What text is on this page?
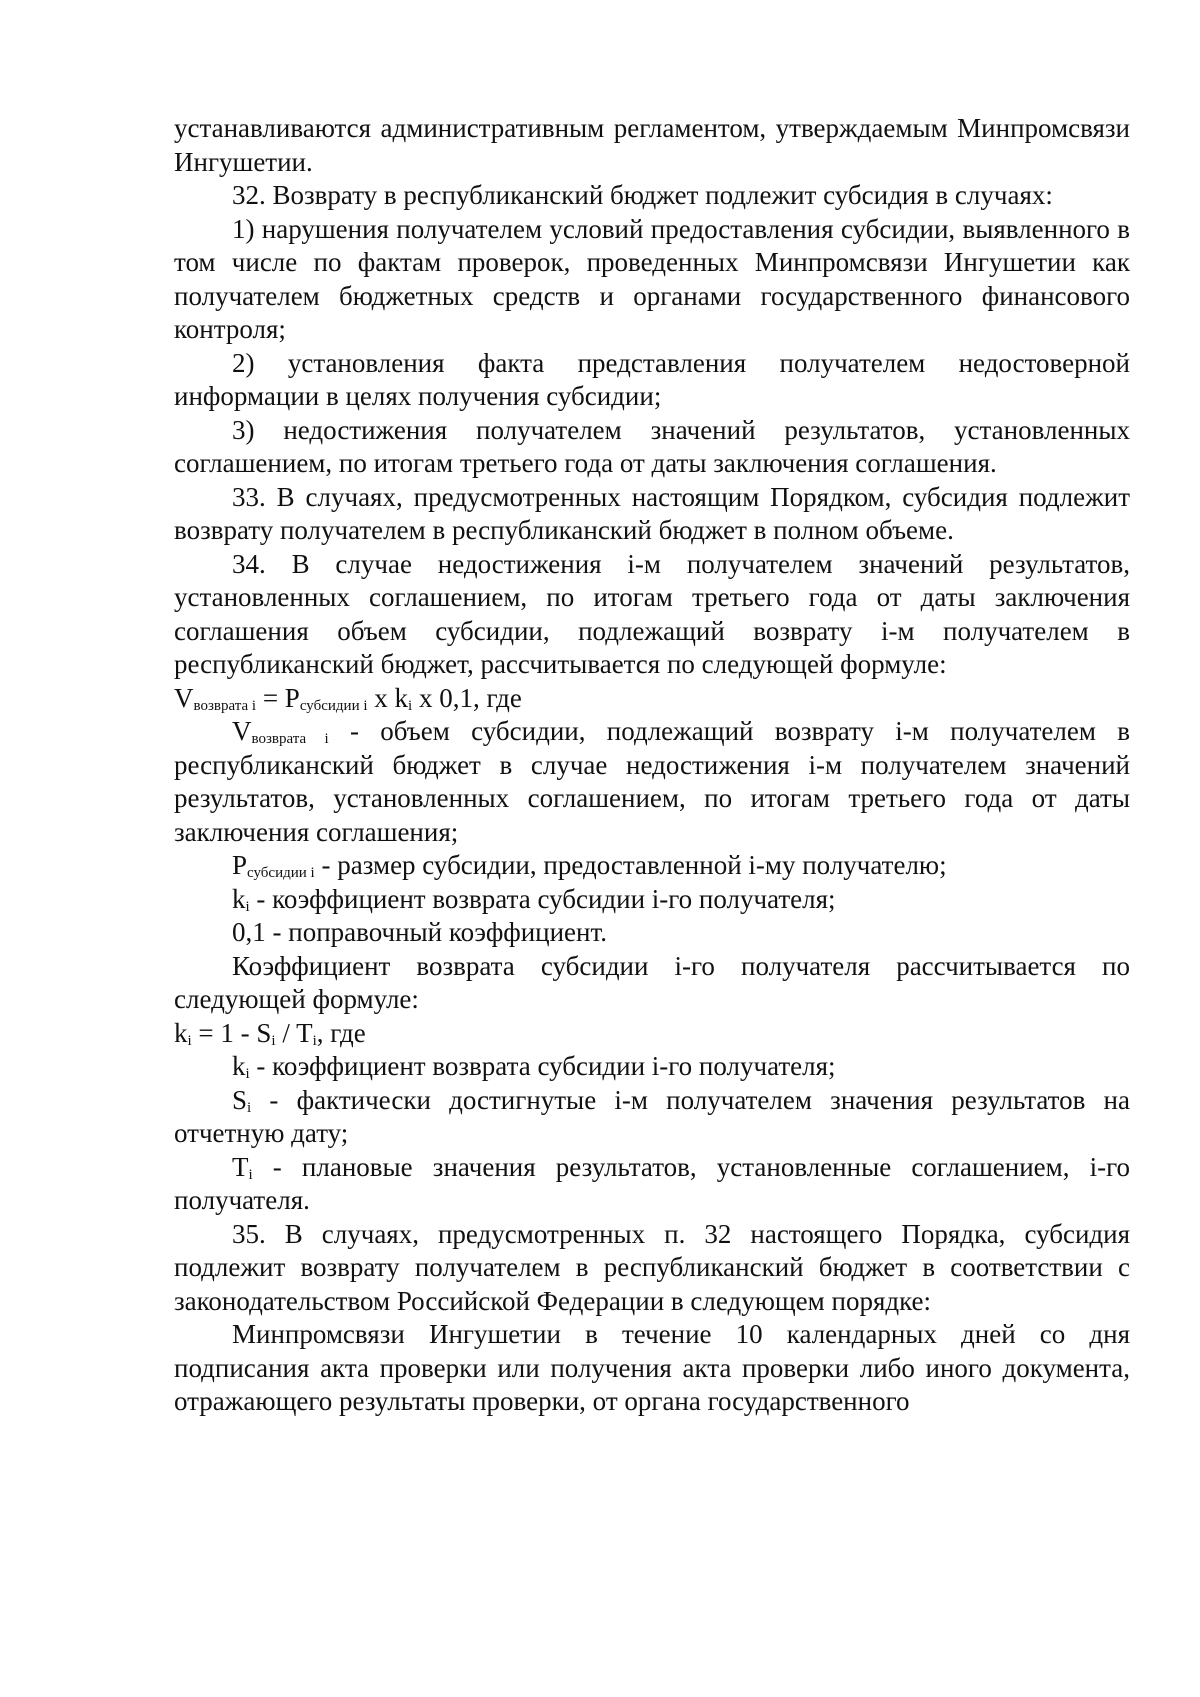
устанавливаются административным регламентом, утверждаемым Минпромсвязи Ингушетии.

32. Возврату в республиканский бюджет подлежит субсидия в случаях:

1) нарушения получателем условий предоставления субсидии, выявленного в том числе по фактам проверок, проведенных Минпромсвязи Ингушетии как получателем бюджетных средств и органами государственного финансового контроля;

2) установления факта представления получателем недостоверной информации в целях получения субсидии;

3) недостижения получателем значений результатов, установленных соглашением, по итогам третьего года от даты заключения соглашения.

33. В случаях, предусмотренных настоящим Порядком, субсидия подлежит возврату получателем в республиканский бюджет в полном объеме.

34. В случае недостижения i-м получателем значений результатов, установленных соглашением, по итогам третьего года от даты заключения соглашения объем субсидии, подлежащий возврату i-м получателем в республиканский бюджет, рассчитывается по следующей формуле:

$V_{возврата i} = P_{субсидии i}$ x $k_i$ x 0,1, где

$V_{возврата i}$ - объем субсидии, подлежащий возврату i-м получателем в республиканский бюджет в случае недостижения i-м получателем значений результатов, установленных соглашением, по итогам третьего года от даты заключения соглашения;

$P_{субсидии i}$ - размер субсидии, предоставленной i-му получателю;

$k_i$ - коэффициент возврата субсидии i-го получателя;

0,1 - поправочный коэффициент.

Коэффициент возврата субсидии i-го получателя рассчитывается по следующей формуле:

$k_i = 1 - S_i / T_i$, где

$k_i$ - коэффициент возврата субсидии i-го получателя;

$S_i$ - фактически достигнутые i-м получателем значения результатов на отчетную дату;

$T_i$ - плановые значения результатов, установленные соглашением, i-го получателя.

35. В случаях, предусмотренных п. 32 настоящего Порядка, субсидия подлежит возврату получателем в республиканский бюджет в соответствии с законодательством Российской Федерации в следующем порядке:

Минпромсвязи Ингушетии в течение 10 календарных дней со дня подписания акта проверки или получения акта проверки либо иного документа, отражающего результаты проверки, от органа государственного
